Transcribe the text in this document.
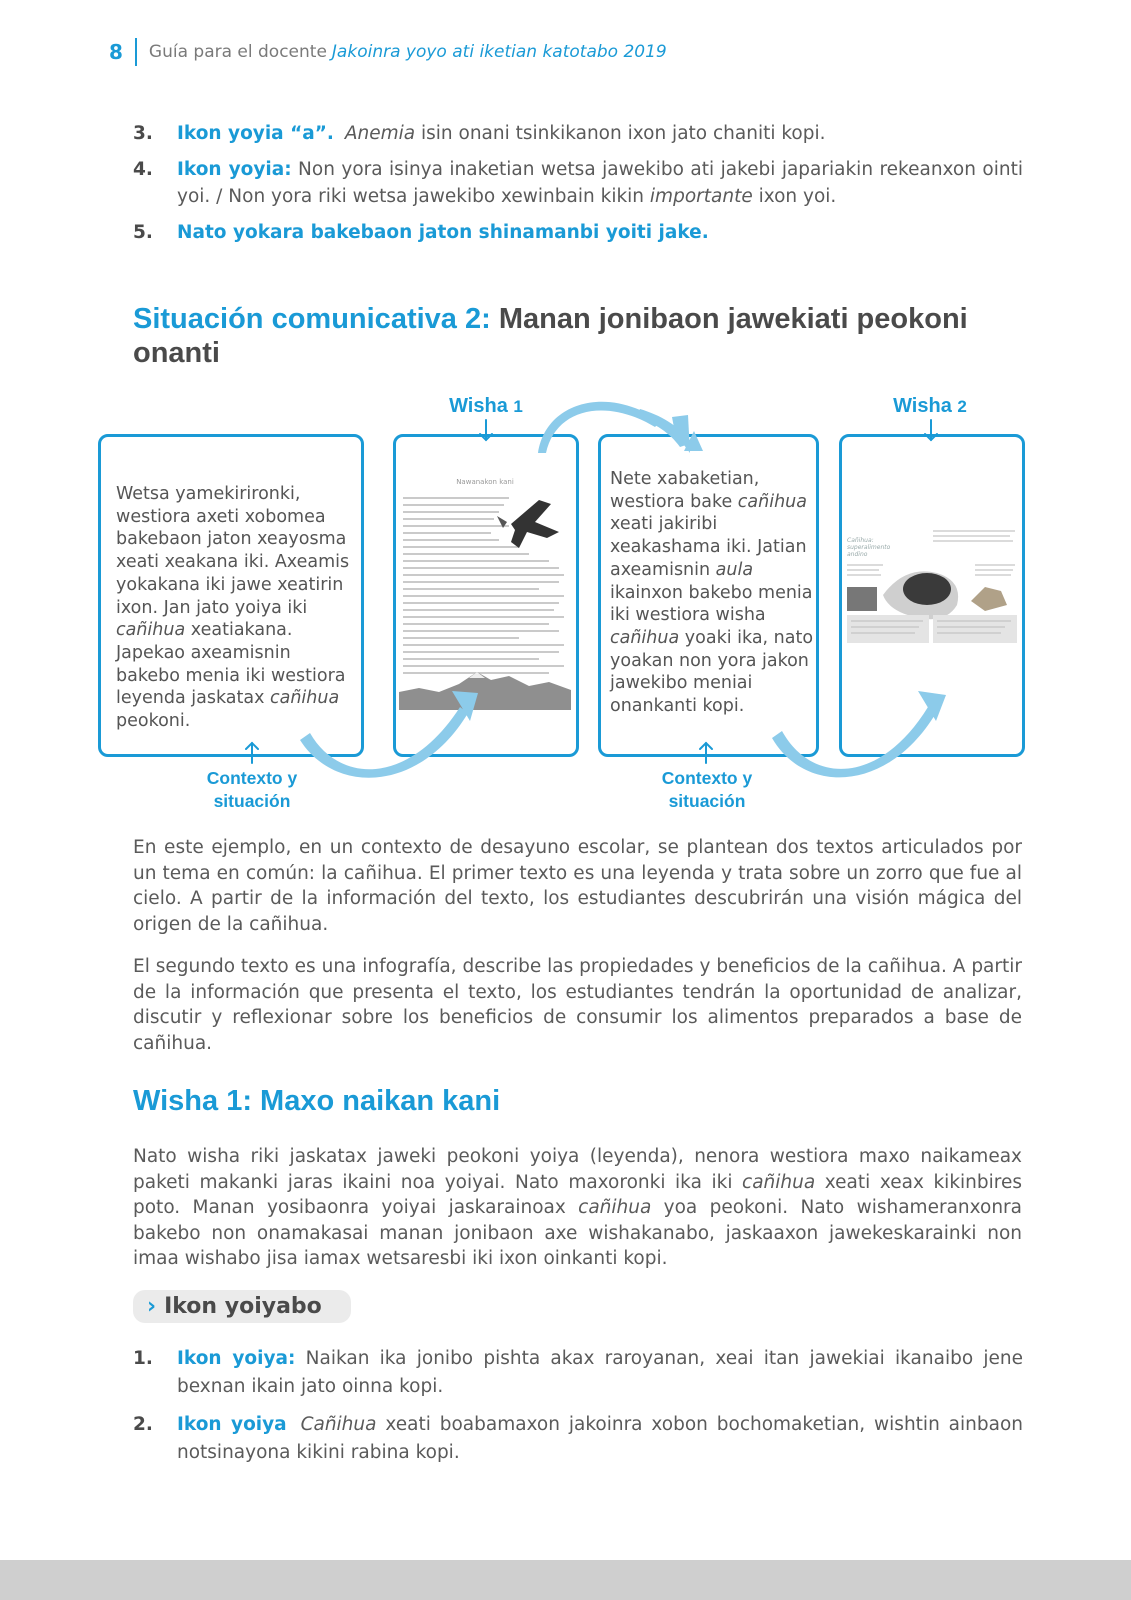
8 Guía para el docente Jakoinra yoyo ati iketian katotabo 2019
3.	Ikon yoyia “a”. Anemia isin onani tsinkikanon ixon jato chaniti kopi.
4.	Ikon yoyia: Non yora isinya inaketian wetsa jawekibo ati jakebi japariakin rekeanxon ointi yoi. / Non yora riki wetsa jawekibo xewinbain kikin importante ixon yoi.
5.	Nato yokara bakebaon jaton shinamanbi yoiti jake.
Situación comunicativa 2: Manan jonibaon jawekiati peokoni onanti
Wetsa yamekirironki, westiora axeti xobomea bakebaon jaton xeayosma xeati xeakana iki. Axeamis yokakana iki jawe xeatirin ixon. Jan jato yoiya iki cañihua xeatiakana. Japekao axeamisnin bakebo menia iki westiora leyenda jaskatax cañihua peokoni.
Nete xabaketian, westiora bake cañihua xeati jakiribi xeakashama iki. Jatian axeamisnin aula ikainxon bakebo menia iki westiora wisha cañihua yoaki ika, nato yoakan non yora jakon jawekibo meniai onankanti kopi.
Nawanakon kani
Cañihua: superalimento andino
Wisha 1	Wisha 2
Contexto y situación
Contexto y situación
En este ejemplo, en un contexto de desayuno escolar, se plantean dos textos articulados por un tema en común: la cañihua. El primer texto es una leyenda y trata sobre un zorro que fue al cielo. A partir de la información del texto, los estudiantes descubrirán una visión mágica del origen de la cañihua.
El segundo texto es una infografía, describe las propiedades y beneficios de la cañihua. A partir de la información que presenta el texto, los estudiantes tendrán la oportunidad de analizar, discutir y reflexionar sobre los beneficios de consumir los alimentos preparados a base de cañihua.
Wisha 1: Maxo naikan kani
Nato wisha riki jaskatax jaweki peokoni yoiya (leyenda), nenora westiora maxo naikameax paketi makanki jaras ikaini noa yoiyai. Nato maxoronki ika iki cañihua xeati xeax kikinbires poto. Manan yosibaonra yoiyai jaskarainoax cañihua yoa peokoni. Nato wishameranxonra bakebo non onamakasai manan jonibaon axe wishakanabo, jaskaaxon jawekeskarainki non imaa wishabo jisa iamax wetsaresbi iki ixon oinkanti kopi.
› Ikon yoiyabo
1.	Ikon yoiya: Naikan ika jonibo pishta akax raroyanan, xeai itan jawekiai ikanaibo jene bexnan ikain jato oinna kopi.
2.	Ikon yoiya Cañihua xeati boabamaxon jakoinra xobon bochomaketian, wishtin ainbaon notsinayona kikini rabina kopi.
